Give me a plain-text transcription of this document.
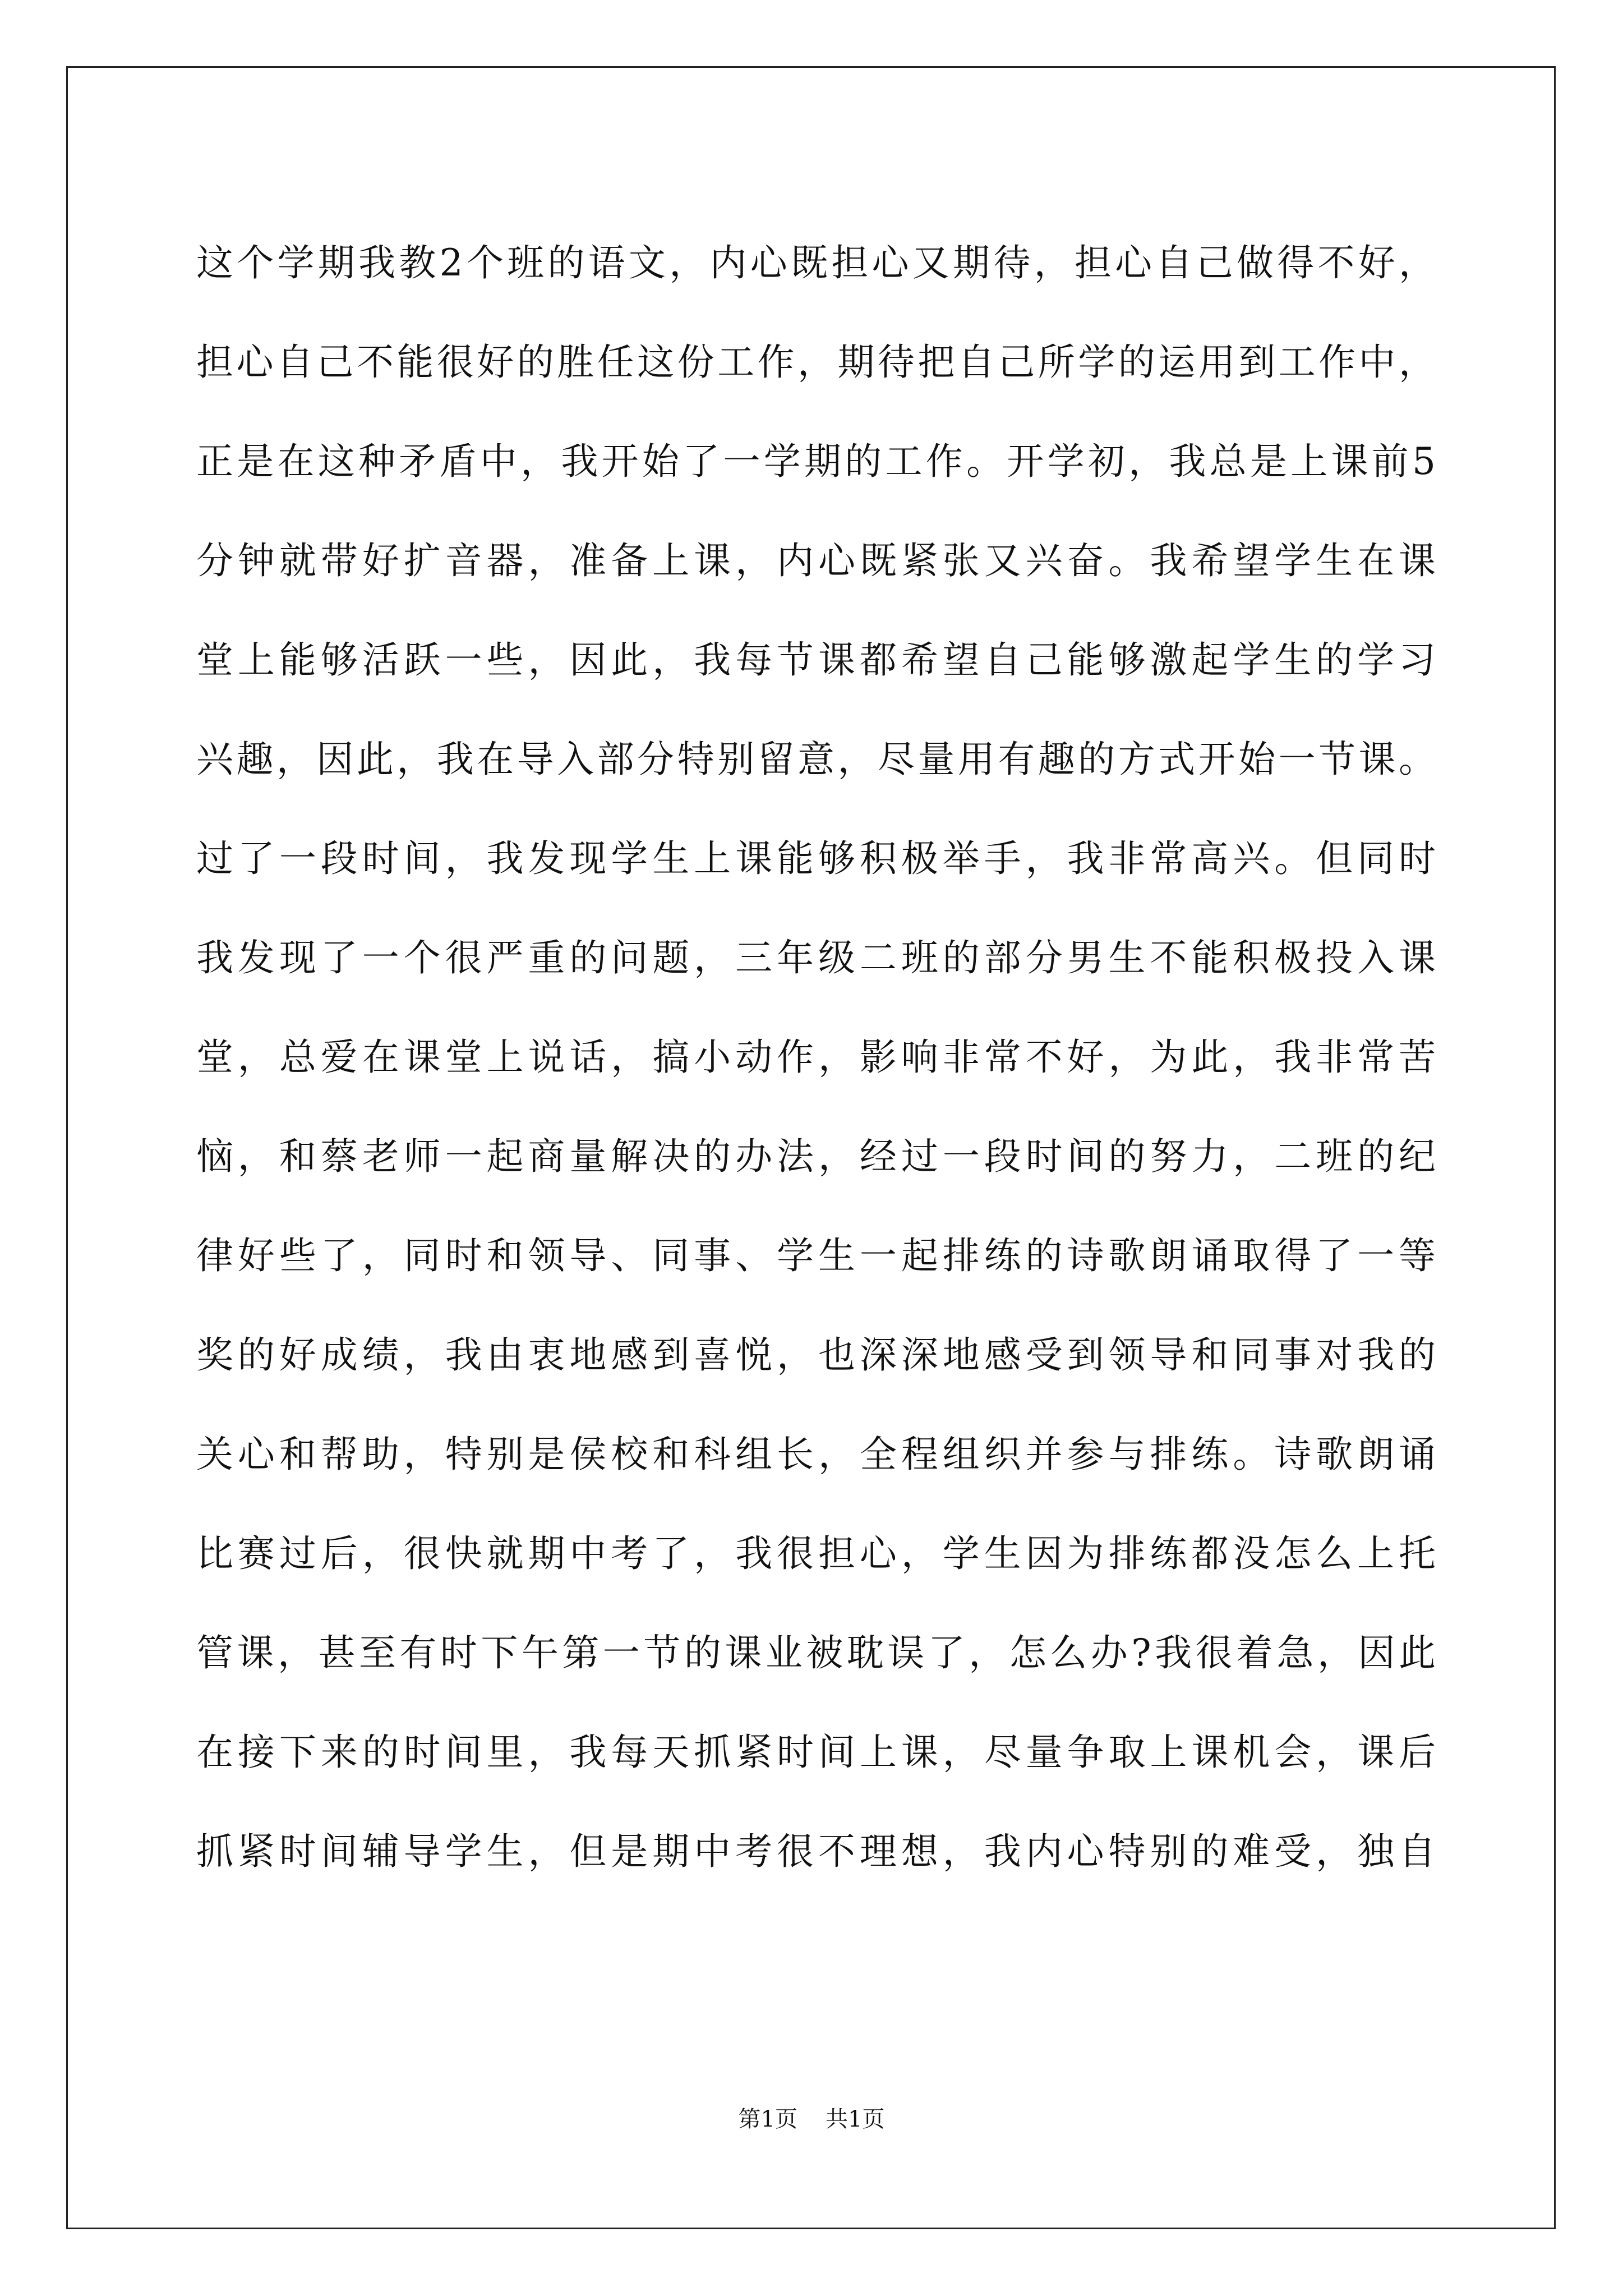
这个学期我教2个班的语文，内心既担心又期待，担心自己做得不好，
担心自己不能很好的胜任这份工作，期待把自己所学的运用到工作中，
正是在这种矛盾中，我开始了一学期的工作。开学初，我总是上课前5
分钟就带好扩音器，准备上课，内心既紧张又兴奋。我希望学生在课
堂上能够活跃一些，因此，我每节课都希望自己能够激起学生的学习
兴趣，因此，我在导入部分特别留意，尽量用有趣的方式开始一节课。
过了一段时间，我发现学生上课能够积极举手，我非常高兴。但同时
我发现了一个很严重的问题，三年级二班的部分男生不能积极投入课
堂，总爱在课堂上说话，搞小动作，影响非常不好，为此，我非常苦
恼，和蔡老师一起商量解决的办法，经过一段时间的努力，二班的纪
律好些了，同时和领导、同事、学生一起排练的诗歌朗诵取得了一等
奖的好成绩，我由衷地感到喜悦，也深深地感受到领导和同事对我的
关心和帮助，特别是侯校和科组长，全程组织并参与排练。诗歌朗诵
比赛过后，很快就期中考了，我很担心，学生因为排练都没怎么上托
管课，甚至有时下午第一节的课业被耽误了，怎么办?我很着急，因此
在接下来的时间里，我每天抓紧时间上课，尽量争取上课机会，课后
抓紧时间辅导学生，但是期中考很不理想，我内心特别的难受，独自
第1页 共1页
